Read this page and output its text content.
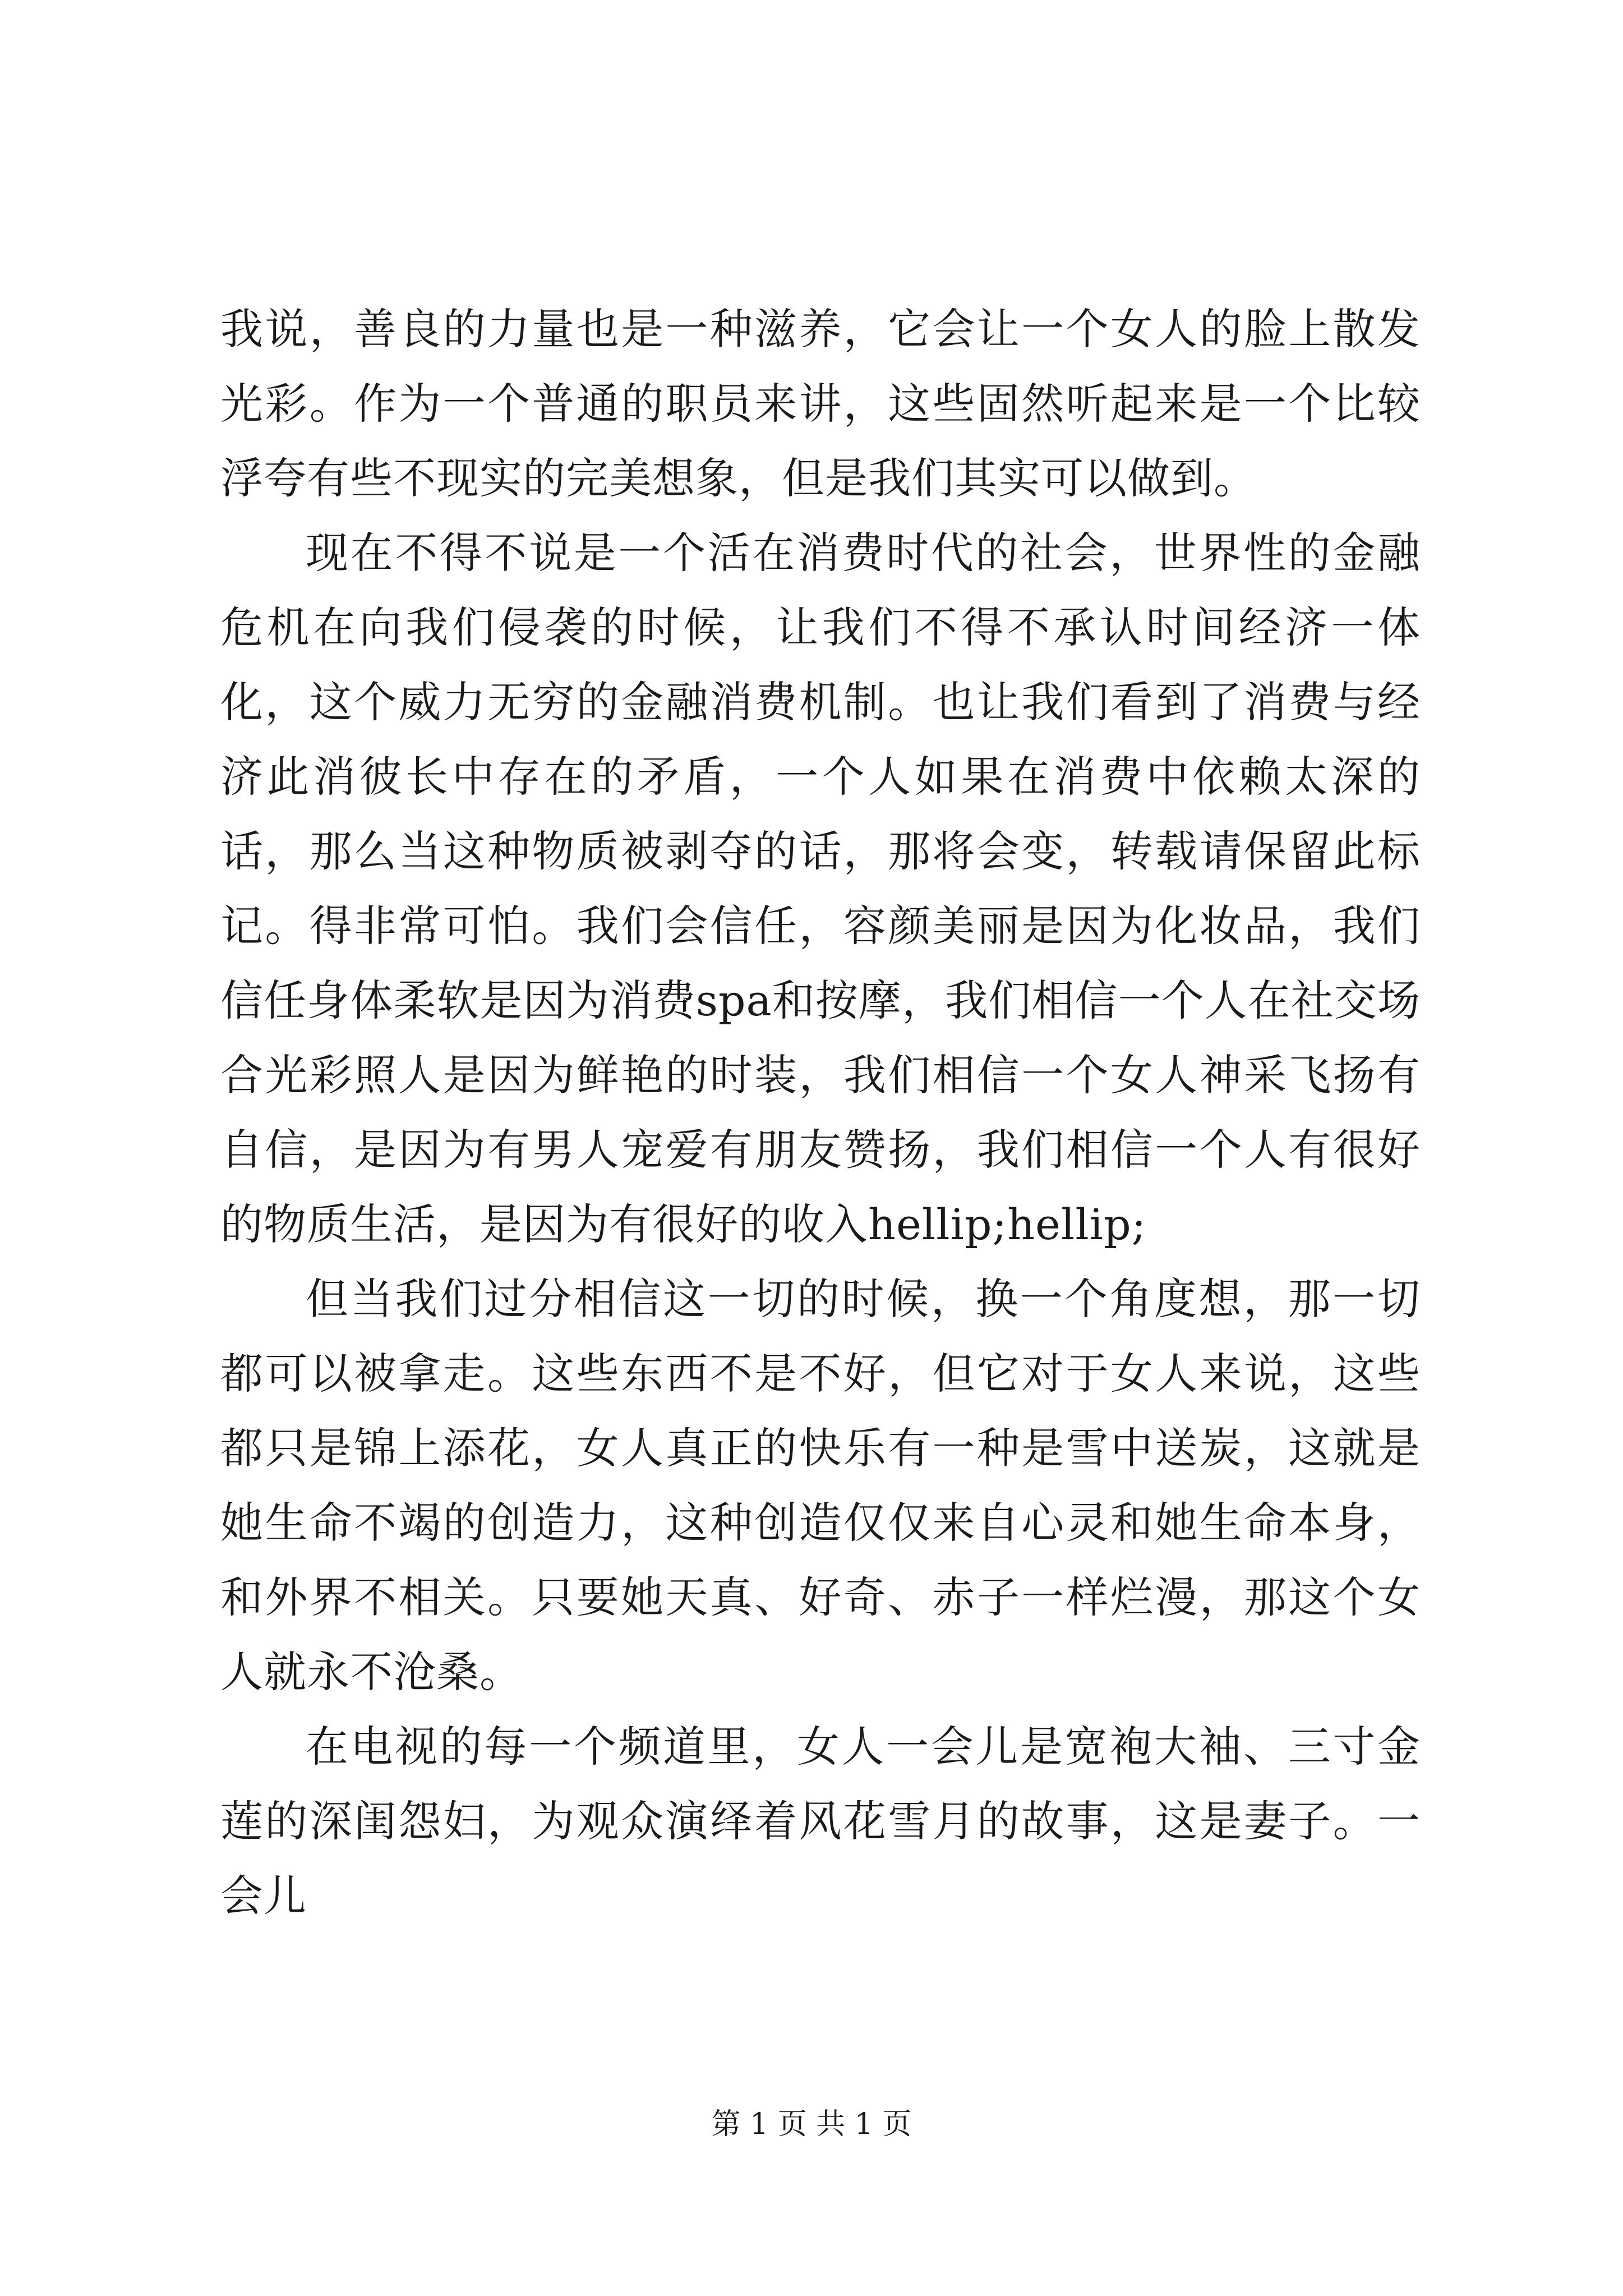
我说，善良的力量也是一种滋养，它会让一个女人的脸上散发光彩。作为一个普通的职员来讲，这些固然听起来是一个比较浮夸有些不现实的完美想象，但是我们其实可以做到。

现在不得不说是一个活在消费时代的社会，世界性的金融危机在向我们侵袭的时候，让我们不得不承认时间经济一体化，这个威力无穷的金融消费机制。也让我们看到了消费与经济此消彼长中存在的矛盾，一个人如果在消费中依赖太深的话，那么当这种物质被剥夺的话，那将会变，转载请保留此标记。得非常可怕。我们会信任，容颜美丽是因为化妆品，我们信任身体柔软是因为消费spa和按摩，我们相信一个人在社交场合光彩照人是因为鲜艳的时装，我们相信一个女人神采飞扬有自信，是因为有男人宠爱有朋友赞扬，我们相信一个人有很好的物质生活，是因为有很好的收入hellip;hellip;

但当我们过分相信这一切的时候，换一个角度想，那一切都可以被拿走。这些东西不是不好，但它对于女人来说，这些都只是锦上添花，女人真正的快乐有一种是雪中送炭，这就是她生命不竭的创造力，这种创造仅仅来自心灵和她生命本身，和外界不相关。只要她天真、好奇、赤子一样烂漫，那这个女人就永不沧桑。

在电视的每一个频道里，女人一会儿是宽袍大袖、三寸金莲的深闺怨妇，为观众演绎着风花雪月的故事，这是妻子。一会儿

第 1 页 共 1 页
